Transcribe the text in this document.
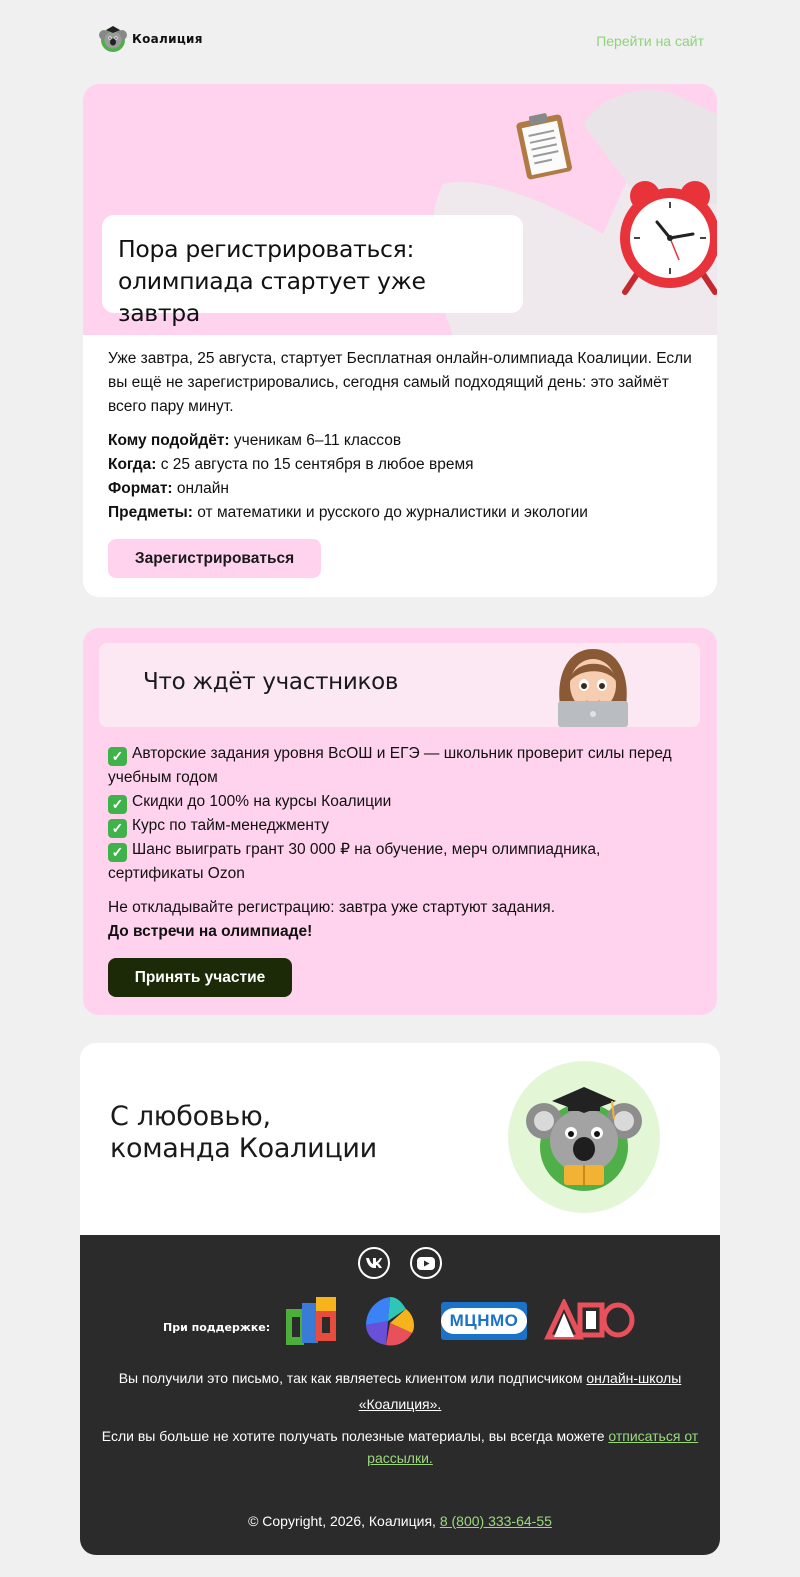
Коалиция	Перейти на сайт
Пора регистрироваться:
олимпиада стартует уже завтра

Уже завтра, 25 августа, стартует Бесплатная онлайн-олимпиада Коалиции. Если вы ещё не зарегистрировались, сегодня самый подходящий день: это займёт всего пару минут.

Кому подойдёт: ученикам 6–11 классов

Когда: с 25 августа по 15 сентября в любое время

Формат: онлайн

Предметы: от математики и русского до журналистики и экологии

Зарегистрироваться
Что ждёт участников

✓ Авторские задания уровня ВсОШ и ЕГЭ — школьник проверит силы перед учебным годом

✓ Скидки до 100% на курсы Коалиции

✓ Курс по тайм-менеджменту

✓ Шанс выиграть грант 30 000 ₽ на обучение, мерч олимпиадника, сертификаты Ozon

Не откладывайте регистрацию: завтра уже стартуют задания.

До встречи на олимпиаде!

Принять участие
С любовью,
команда Коалиции
При поддержке:	МЦНМО

Вы получили это письмо, так как являетесь клиентом или подписчиком онлайн-школы «Коалиция».

Если вы больше не хотите получать полезные материалы, вы всегда можете отписаться от рассылки.

© Copyright, 2026, Коалиция, 8 (800) 333-64-55
